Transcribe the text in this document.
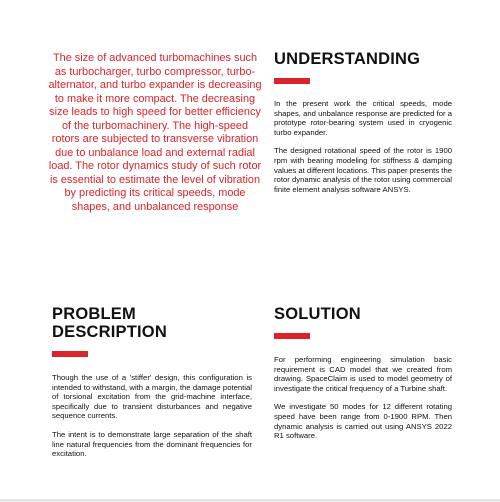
The size of advanced turbomachines such as turbocharger, turbo compressor, turbo-alternator, and turbo expander is decreasing to make it more compact. The decreasing size leads to high speed for better efficiency of the turbomachinery. The high-speed rotors are subjected to transverse vibration due to unbalance load and external radial load. The rotor dynamics study of such rotor is essential to estimate the level of vibration by predicting its critical speeds, mode shapes, and unbalanced response
UNDERSTANDING

In the present work the critical speeds, mode shapes, and unbalance response are predicted for a prototype rotor-bearing system used in cryogenic turbo expander.

The designed rotational speed of the rotor is 1900 rpm with bearing modeling for stiffness & damping values at different locations. This paper presents the rotor dynamic analysis of the rotor using commercial finite element analysis software ANSYS.

PROBLEM DESCRIPTION

Though the use of a 'stiffer' design, this configuration is intended to withstand, with a margin, the damage potential of torsional excitation from the grid-machine interface, specifically due to transient disturbances and negative sequence currents.

The intent is to demonstrate large separation of the shaft line natural frequencies from the dominant frequencies for excitation.

SOLUTION

For performing engineering simulation basic requirement is CAD model that we created from drawing. SpaceClaim is used to model geometry of investigate the critical frequency of a Turbine shaft.

We investigate 50 modes for 12 different rotating speed have been range from 0-1900 RPM. Then dynamic analysis is carried out using ANSYS 2022 R1 software.
